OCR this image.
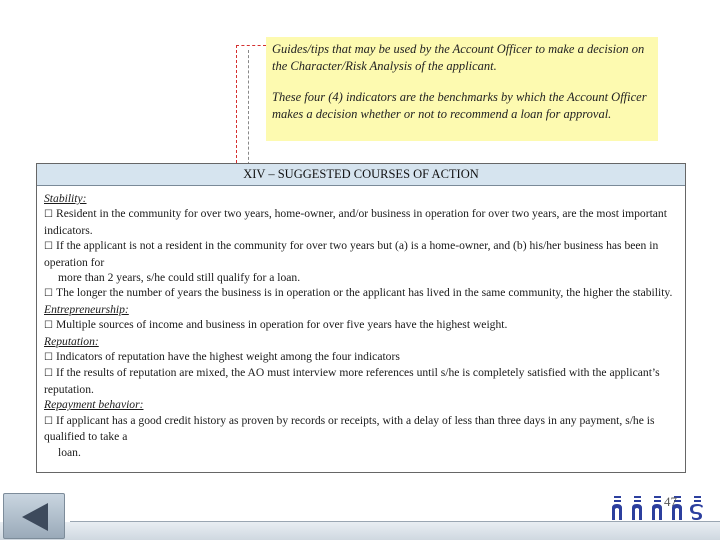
Guides/tips that may be used by the Account Officer to make a decision on the Character/Risk Analysis of the applicant.

These four (4) indicators are the benchmarks by which the Account Officer makes a decision whether or not to recommend a loan for approval.

XIV – SUGGESTED COURSES OF ACTION
Stability:
☐ Resident in the community for over two years, home-owner, and/or business in operation for over two years, are the most important indicators.
☐ If the applicant is not a resident in the community for over two years but (a) is a home-owner, and (b) his/her business has been in operation for
more than 2 years, s/he could still qualify for a loan.
☐ The longer the number of years the business is in operation or the applicant has lived in the same community, the higher the stability.
Entrepreneurship:
☐ Multiple sources of income and business in operation for over five years have the highest weight.
Reputation:
☐ Indicators of reputation have the highest weight among the four indicators
☐ If the results of reputation are mixed, the AO must interview more references until s/he is completely satisfied with the applicant’s reputation.
Repayment behavior:
☐ If applicant has a good credit history as proven by records or receipts, with a delay of less than three days in any payment, s/he is qualified to take a
loan.
47
